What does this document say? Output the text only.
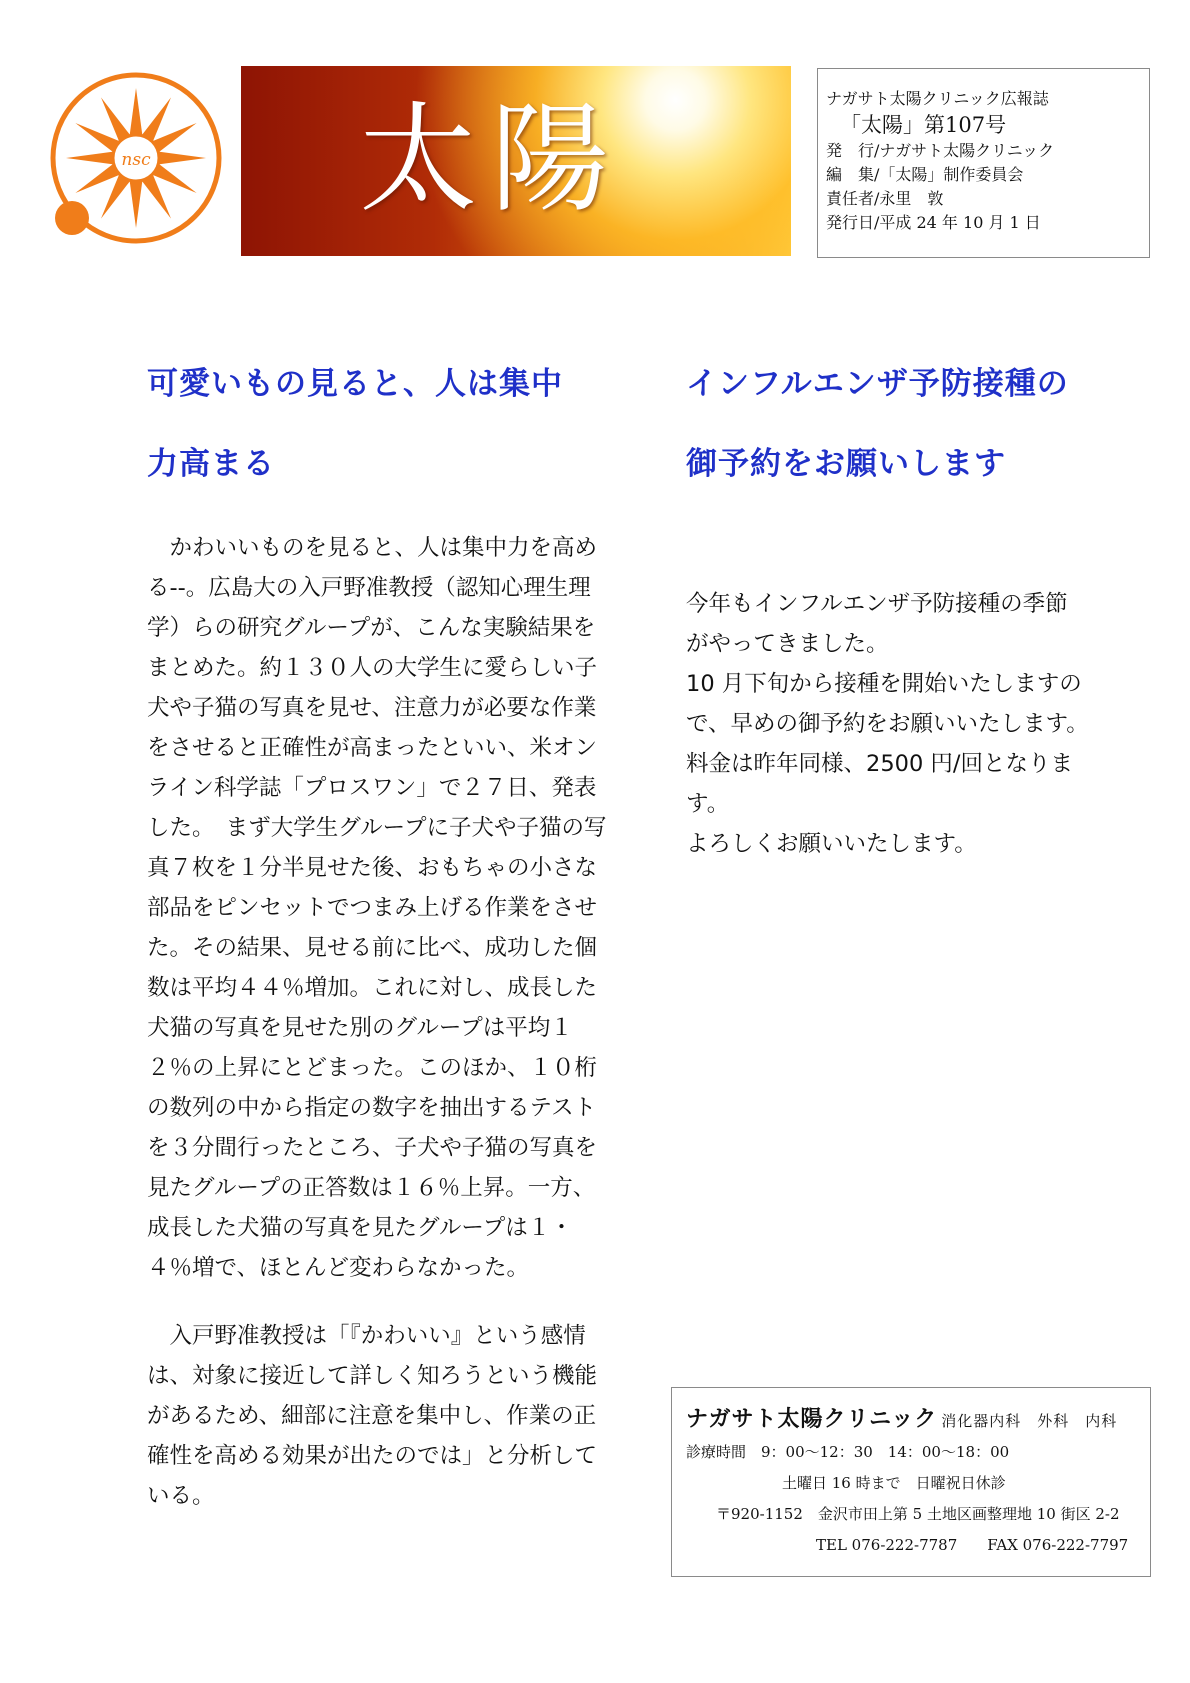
nsc 太陽	ナガサト太陽クリニック広報誌
「太陽」第107号
発　行/ナガサト太陽クリニック
編　集/「太陽」制作委員会
責任者/永里　敦
発行日/平成 24 年 10 月 1 日
可愛いもの見ると、人は集中
力高まる

　かわいいものを見ると、人は集中力を高める--。広島大の入戸野准教授（認知心理生理学）らの研究グループが、こんな実験結果をまとめた。約１３０人の大学生に愛らしい子犬や子猫の写真を見せ、注意力が必要な作業をさせると正確性が高まったといい、米オンライン科学誌「プロスワン」で２７日、発表した。　まず大学生グループに子犬や子猫の写真７枚を１分半見せた後、おもちゃの小さな部品をピンセットでつまみ上げる作業をさせた。その結果、見せる前に比べ、成功した個数は平均４４％増加。これに対し、成長した犬猫の写真を見せた別のグループは平均１２％の上昇にとどまった。このほか、１０桁の数列の中から指定の数字を抽出するテストを３分間行ったところ、子犬や子猫の写真を見たグループの正答数は１６％上昇。一方、成長した犬猫の写真を見たグループは１・４％増で、ほとんど変わらなかった。

　入戸野准教授は「『かわいい』という感情は、対象に接近して詳しく知ろうという機能があるため、細部に注意を集中し、作業の正確性を高める効果が出たのでは」と分析している。

インフルエンザ予防接種の
御予約をお願いします
今年もインフルエンザ予防接種の季節
がやってきました。
10 月下旬から接種を開始いたしますの
で、早めの御予約をお願いいたします。
料金は昨年同様、2500 円/回となりま
す。
よろしくお願いいたします。
ナガサト太陽クリニック 消化器内科　外科　内科
診療時間　9：00～12：30　14：00～18：00
土曜日 16 時まで　日曜祝日休診
〒920-1152　金沢市田上第 5 土地区画整理地 10 街区 2-2
TEL 076-222-7787　　FAX 076-222-7797
